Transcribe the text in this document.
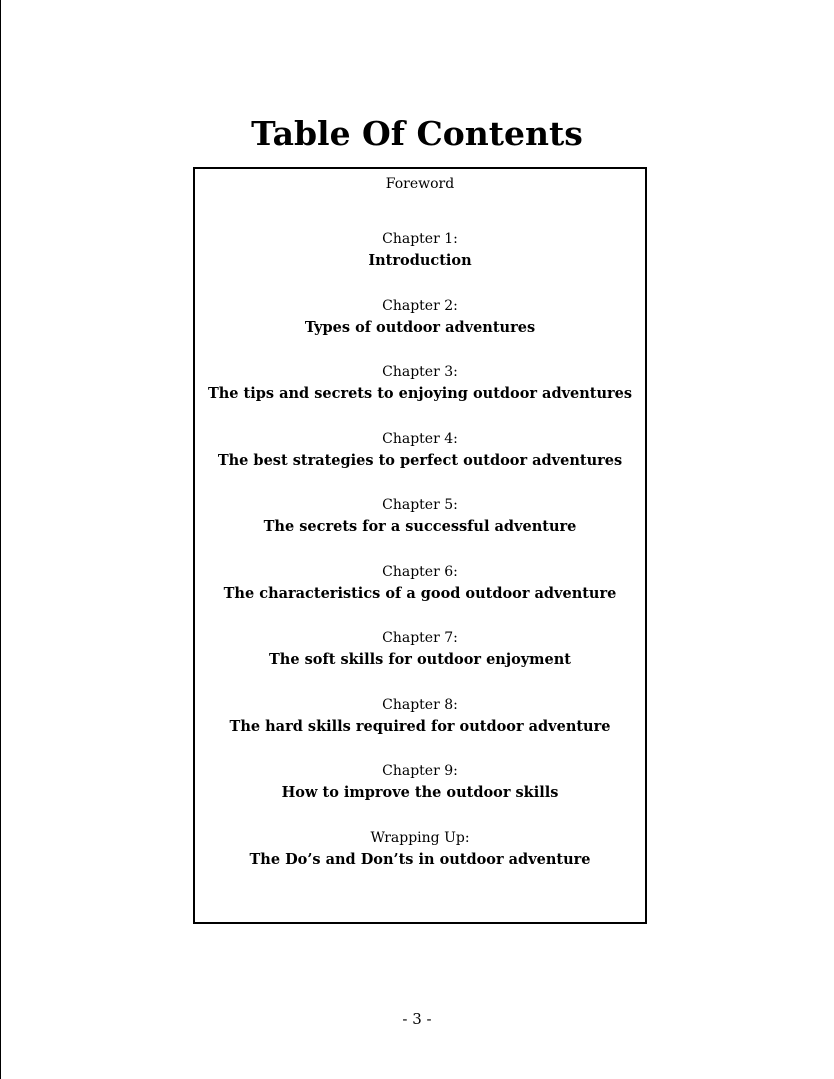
Table Of Contents
Foreword
Chapter 1:
Introduction
Chapter 2:
Types of outdoor adventures
Chapter 3:
The tips and secrets to enjoying outdoor adventures
Chapter 4:
The best strategies to perfect outdoor adventures
Chapter 5:
The secrets for a successful adventure
Chapter 6:
The characteristics of a good outdoor adventure
Chapter 7:
The soft skills for outdoor enjoyment
Chapter 8:
The hard skills required for outdoor adventure
Chapter 9:
How to improve the outdoor skills
Wrapping Up:
The Do’s and Don’ts in outdoor adventure
- 3 -
